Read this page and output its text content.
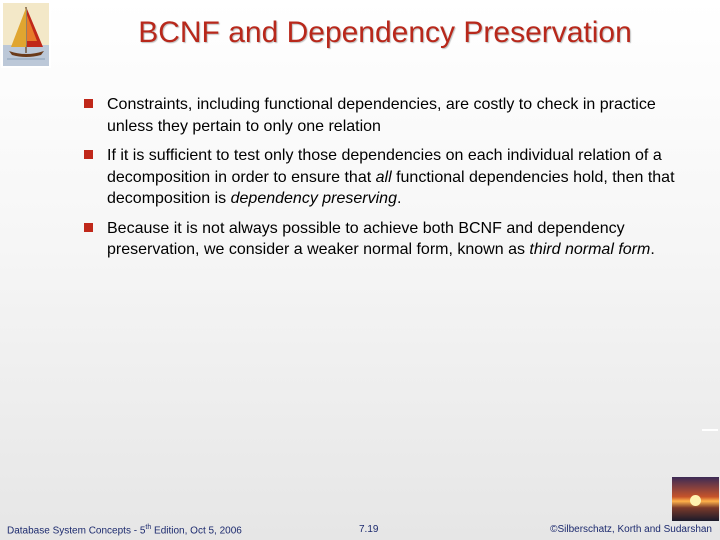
BCNF and Dependency Preservation
Constraints, including functional dependencies, are costly to check in practice unless they pertain to only one relation
If it is sufficient to test only those dependencies on each individual relation of a decomposition in order to ensure that all functional dependencies hold, then that decomposition is dependency preserving.
Because it is not always possible to achieve both BCNF and dependency preservation, we consider a weaker normal form, known as third normal form.
Database System Concepts - 5th Edition, Oct 5, 2006	7.19	©Silberschatz, Korth and Sudarshan
